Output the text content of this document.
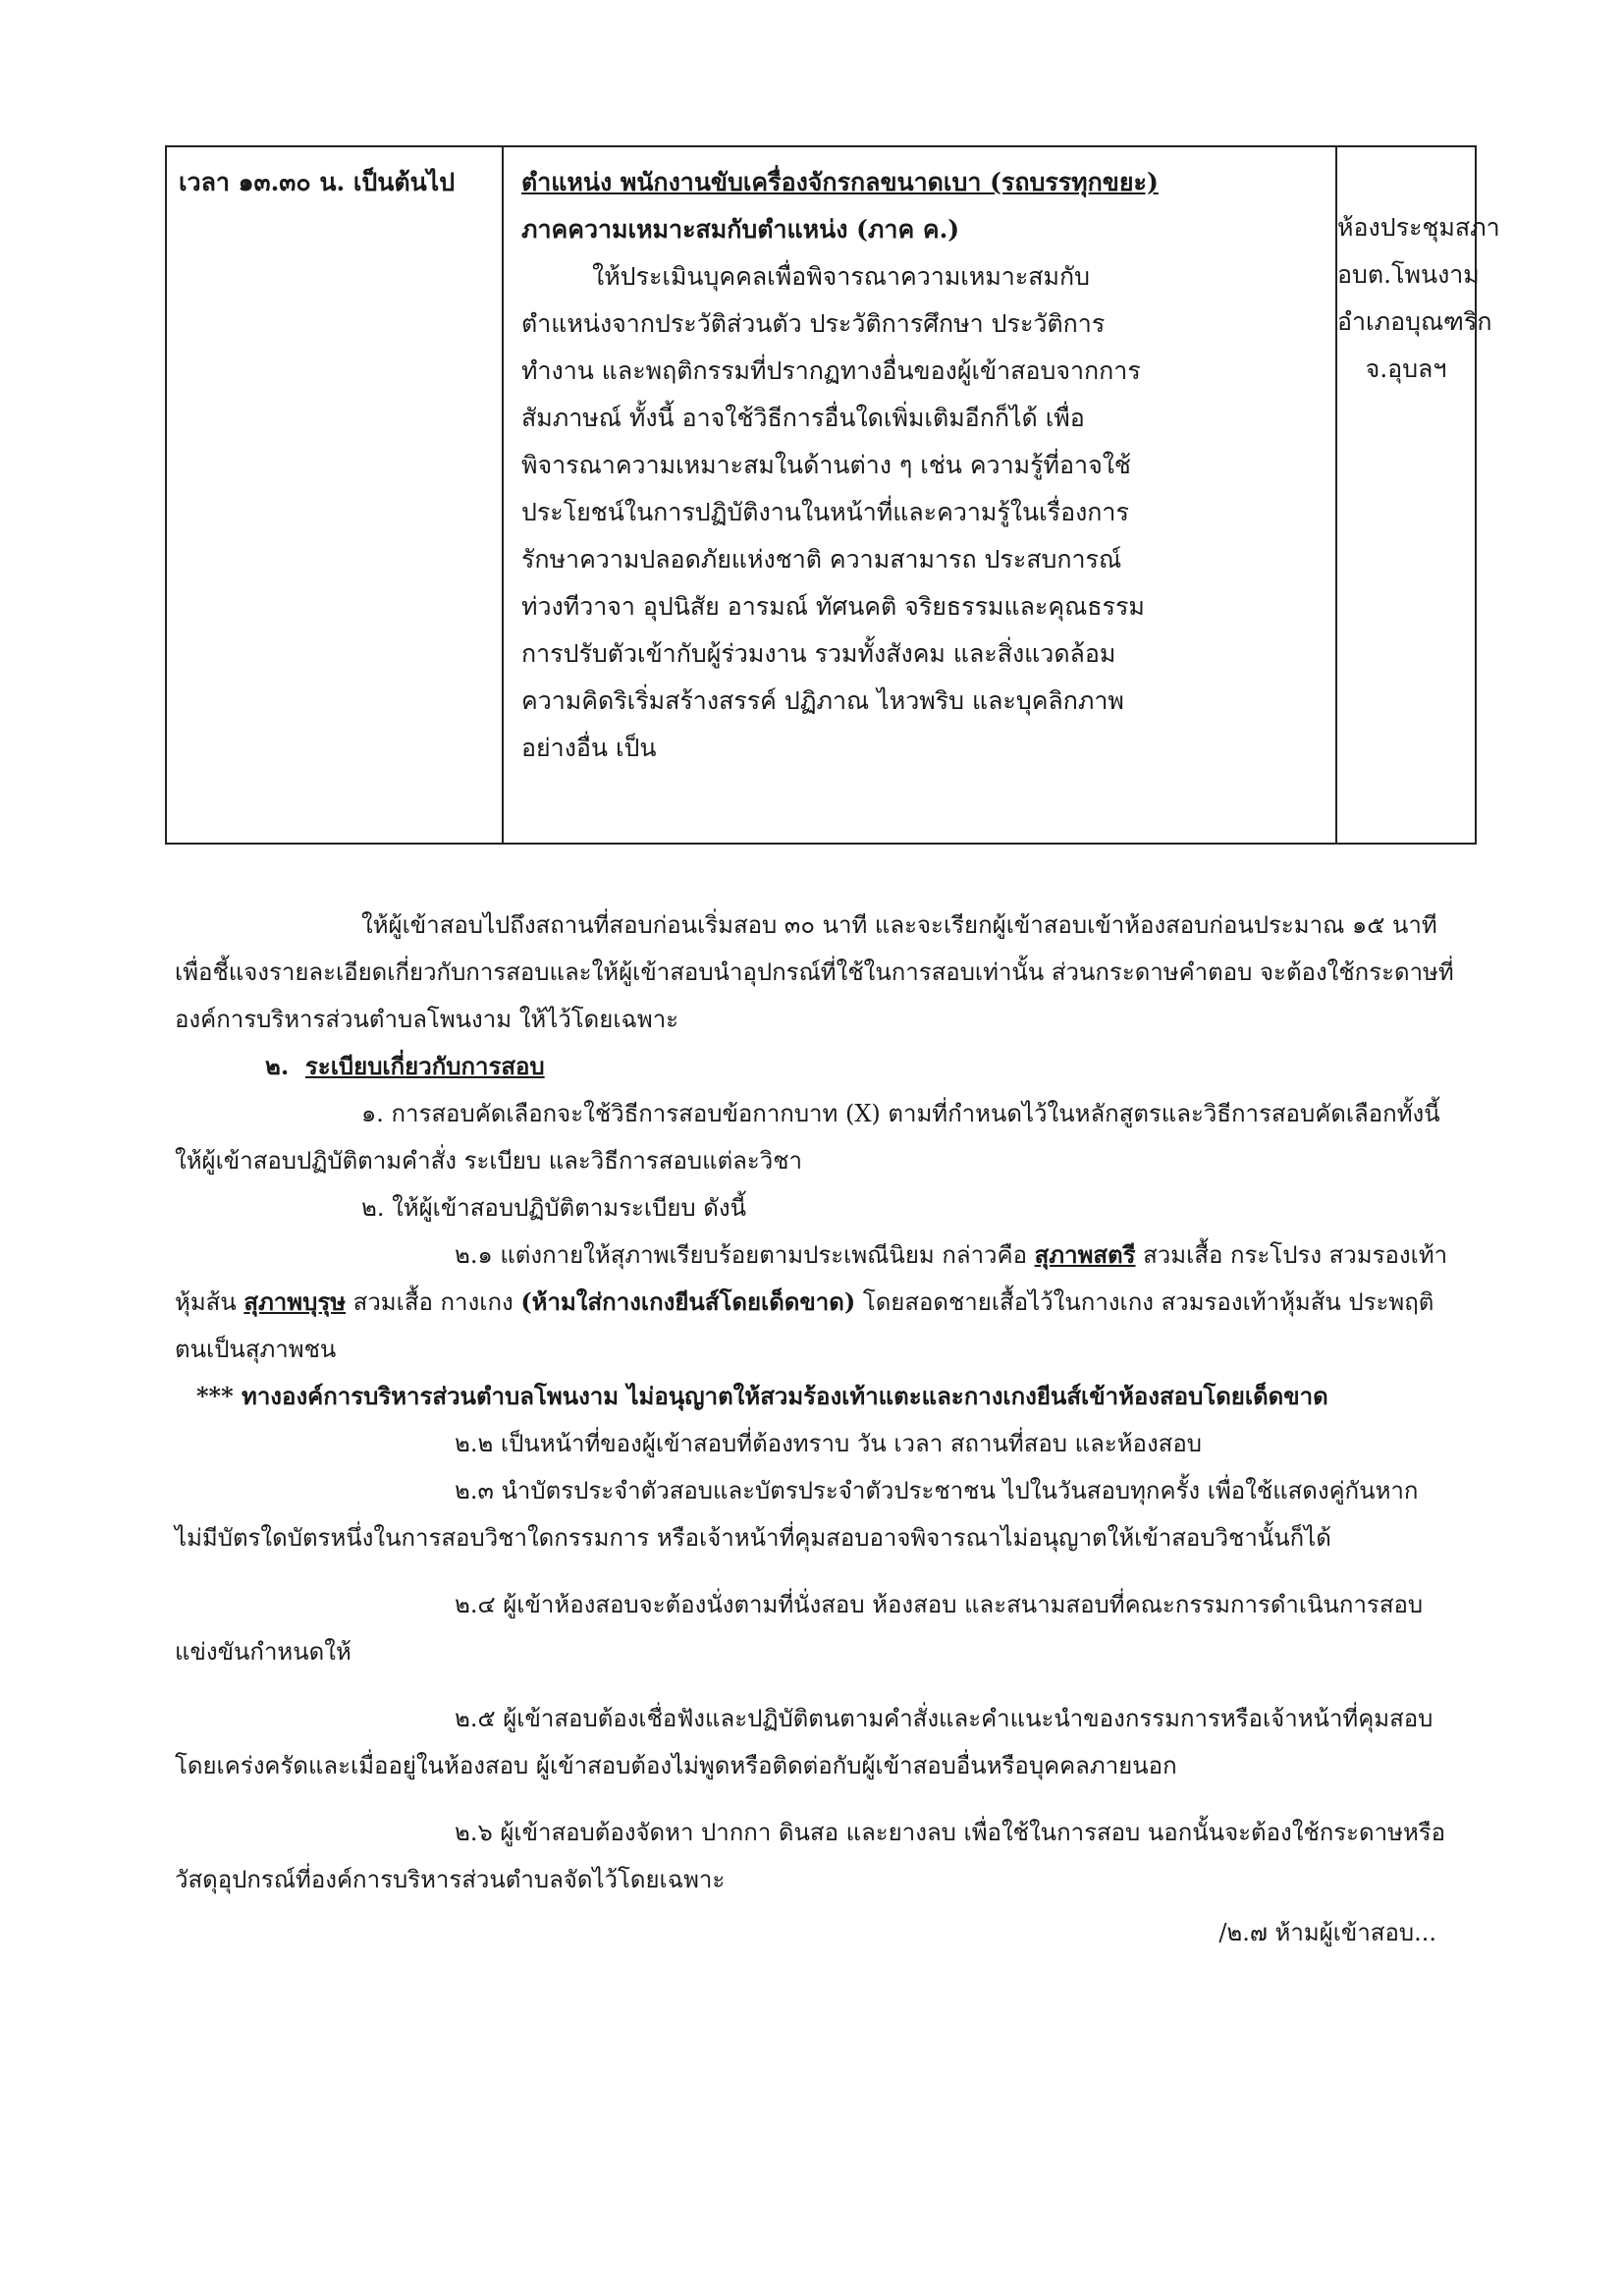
เวลา ๑๓.๓๐ น. เป็นต้นไป	ตำแหน่ง พนักงานขับเครื่องจักรกลขนาดเบา (รถบรรทุกขยะ)
ภาคความเหมาะสมกับตำแหน่ง (ภาค ค.)

ให้ประเมินบุคคลเพื่อพิจารณาความเหมาะสมกับตำแหน่งจากประวัติส่วนตัว ประวัติการศึกษา ประวัติการทำงาน และพฤติกรรมที่ปรากฏทางอื่นของผู้เข้าสอบจากการสัมภาษณ์ ทั้งนี้ อาจใช้วิธีการอื่นใดเพิ่มเติมอีกก็ได้ เพื่อพิจารณาความเหมาะสมในด้านต่าง ๆ เช่น ความรู้ที่อาจใช้ประโยชน์ในการปฏิบัติงานในหน้าที่และความรู้ในเรื่องการรักษาความปลอดภัยแห่งชาติ ความสามารถ ประสบการณ์ ท่วงทีวาจา อุปนิสัย อารมณ์ ทัศนคติ จริยธรรมและคุณธรรม การปรับตัวเข้ากับผู้ร่วมงาน รวมทั้งสังคม และสิ่งแวดล้อม ความคิดริเริ่มสร้างสรรค์ ปฏิภาณ ไหวพริบ และบุคลิกภาพอย่างอื่น เป็น

ห้องประชุมสภา
อบต.โพนงาม
อำเภอบุณฑริก
จ.อุบลฯ

ให้ผู้เข้าสอบไปถึงสถานที่สอบก่อนเริ่มสอบ ๓๐ นาที และจะเรียกผู้เข้าสอบเข้าห้องสอบก่อนประมาณ ๑๕ นาที เพื่อชี้แจงรายละเอียดเกี่ยวกับการสอบและให้ผู้เข้าสอบนำอุปกรณ์ที่ใช้ในการสอบเท่านั้น ส่วนกระดาษคำตอบ จะต้องใช้กระดาษที่องค์การบริหารส่วนตำบลโพนงาม ให้ไว้โดยเฉพาะ

๒. ระเบียบเกี่ยวกับการสอบ

๑. การสอบคัดเลือกจะใช้วิธีการสอบข้อกากบาท (X) ตามที่กำหนดไว้ในหลักสูตรและวิธีการสอบคัดเลือกทั้งนี้ให้ผู้เข้าสอบปฏิบัติตามคำสั่ง ระเบียบ และวิธีการสอบแต่ละวิชา

๒. ให้ผู้เข้าสอบปฏิบัติตามระเบียบ ดังนี้

๒.๑ แต่งกายให้สุภาพเรียบร้อยตามประเพณีนิยม กล่าวคือ สุภาพสตรี สวมเสื้อ กระโปรง สวมรองเท้าหุ้มส้น สุภาพบุรุษ สวมเสื้อ กางเกง (ห้ามใส่กางเกงยีนส์โดยเด็ดขาด) โดยสอดชายเสื้อไว้ในกางเกง สวมรองเท้าหุ้มส้น ประพฤติตนเป็นสุภาพชน

*** ทางองค์การบริหารส่วนตำบลโพนงาม ไม่อนุญาตให้สวมร้องเท้าแตะและกางเกงยีนส์เข้าห้องสอบโดยเด็ดขาด

๒.๒ เป็นหน้าที่ของผู้เข้าสอบที่ต้องทราบ วัน เวลา สถานที่สอบ และห้องสอบ

๒.๓ นำบัตรประจำตัวสอบและบัตรประจำตัวประชาชน ไปในวันสอบทุกครั้ง เพื่อใช้แสดงคู่กันหาก ไม่มีบัตรใดบัตรหนึ่งในการสอบวิชาใดกรรมการ หรือเจ้าหน้าที่คุมสอบอาจพิจารณาไม่อนุญาตให้เข้าสอบวิชานั้นก็ได้

๒.๔ ผู้เข้าห้องสอบจะต้องนั่งตามที่นั่งสอบ ห้องสอบ และสนามสอบที่คณะกรรมการดำเนินการสอบแข่งขันกำหนดให้

๒.๕ ผู้เข้าสอบต้องเชื่อฟังและปฏิบัติตนตามคำสั่งและคำแนะนำของกรรมการหรือเจ้าหน้าที่คุมสอบโดยเคร่งครัดและเมื่ออยู่ในห้องสอบ ผู้เข้าสอบต้องไม่พูดหรือติดต่อกับผู้เข้าสอบอื่นหรือบุคคลภายนอก

๒.๖ ผู้เข้าสอบต้องจัดหา ปากกา ดินสอ และยางลบ เพื่อใช้ในการสอบ นอกนั้นจะต้องใช้กระดาษหรือวัสดุอุปกรณ์ที่องค์การบริหารส่วนตำบลจัดไว้โดยเฉพาะ

/๒.๗ ห้ามผู้เข้าสอบ...
